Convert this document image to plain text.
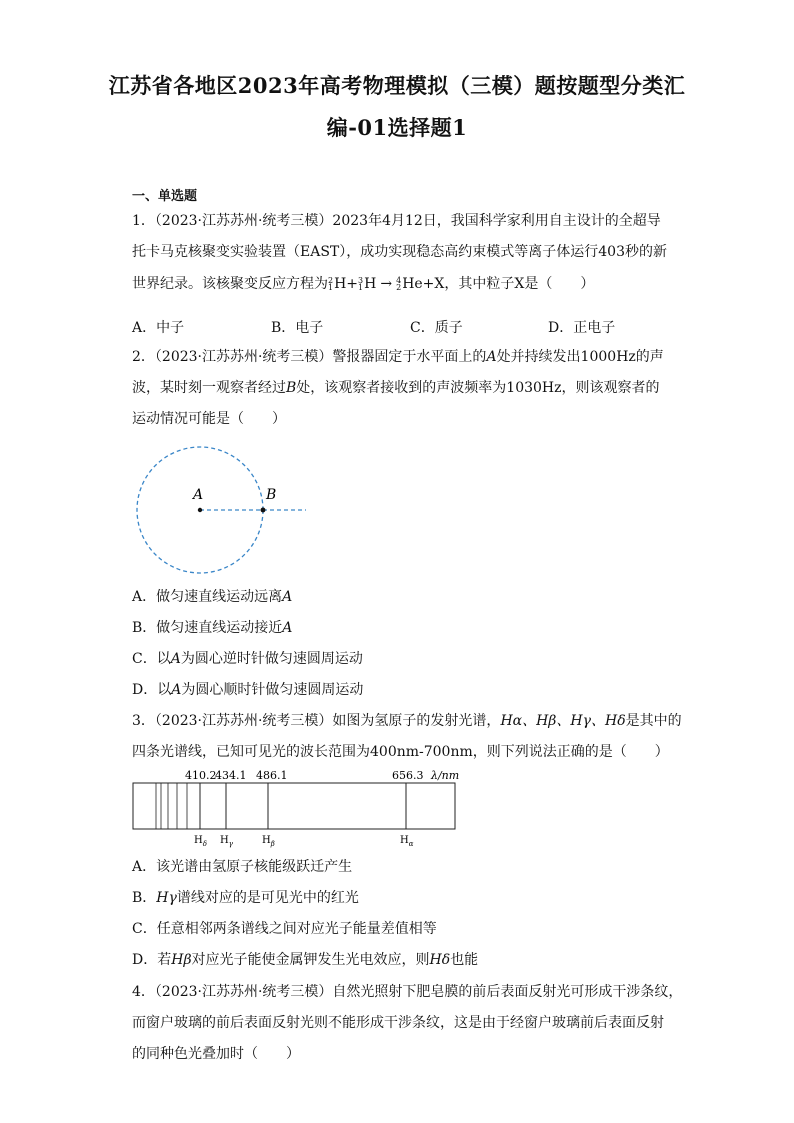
江苏省各地区2023年高考物理模拟（三模）题按题型分类汇
编-01选择题1
一、单选题
1．（2023·江苏苏州·统考三模）2023年4月12日，我国科学家利用自主设计的全超导
托卡马克核聚变实验装置（EAST），成功实现稳态高约束模式等离子体运行403秒的新
世界纪录。该核聚变反应方程为2
1H+3
1H → 4
2He+X，其中粒子X是（　　）
A．中子	B．电子	C．质子	D．正电子
2．（2023·江苏苏州·统考三模）警报器固定于水平面上的A处并持续发出1000Hz的声
波，某时刻一观察者经过B处，该观察者接收到的声波频率为1030Hz，则该观察者的
运动情况可能是（　　）
A	B
A．做匀速直线运动远离A
B．做匀速直线运动接近A
C．以A为圆心逆时针做匀速圆周运动
D．以A为圆心顺时针做匀速圆周运动
3．（2023·江苏苏州·统考三模）如图为氢原子的发射光谱，Hα、Hβ、Hγ、Hδ是其中的
四条光谱线，已知可见光的波长范围为400nm-700nm，则下列说法正确的是（　　）
410.2
434.1 486.1	656.3 λ/nm
$H_\delta$ $H_\gamma$	$H_\beta$	$H_\alpha$
A．该光谱由氢原子核能级跃迁产生
B．Hγ谱线对应的是可见光中的红光
C．任意相邻两条谱线之间对应光子能量差值相等
D．若Hβ对应光子能使金属钾发生光电效应，则Hδ也能
4．（2023·江苏苏州·统考三模）自然光照射下肥皂膜的前后表面反射光可形成干涉条纹，
而窗户玻璃的前后表面反射光则不能形成干涉条纹，这是由于经窗户玻璃前后表面反射
的同种色光叠加时（　　）
